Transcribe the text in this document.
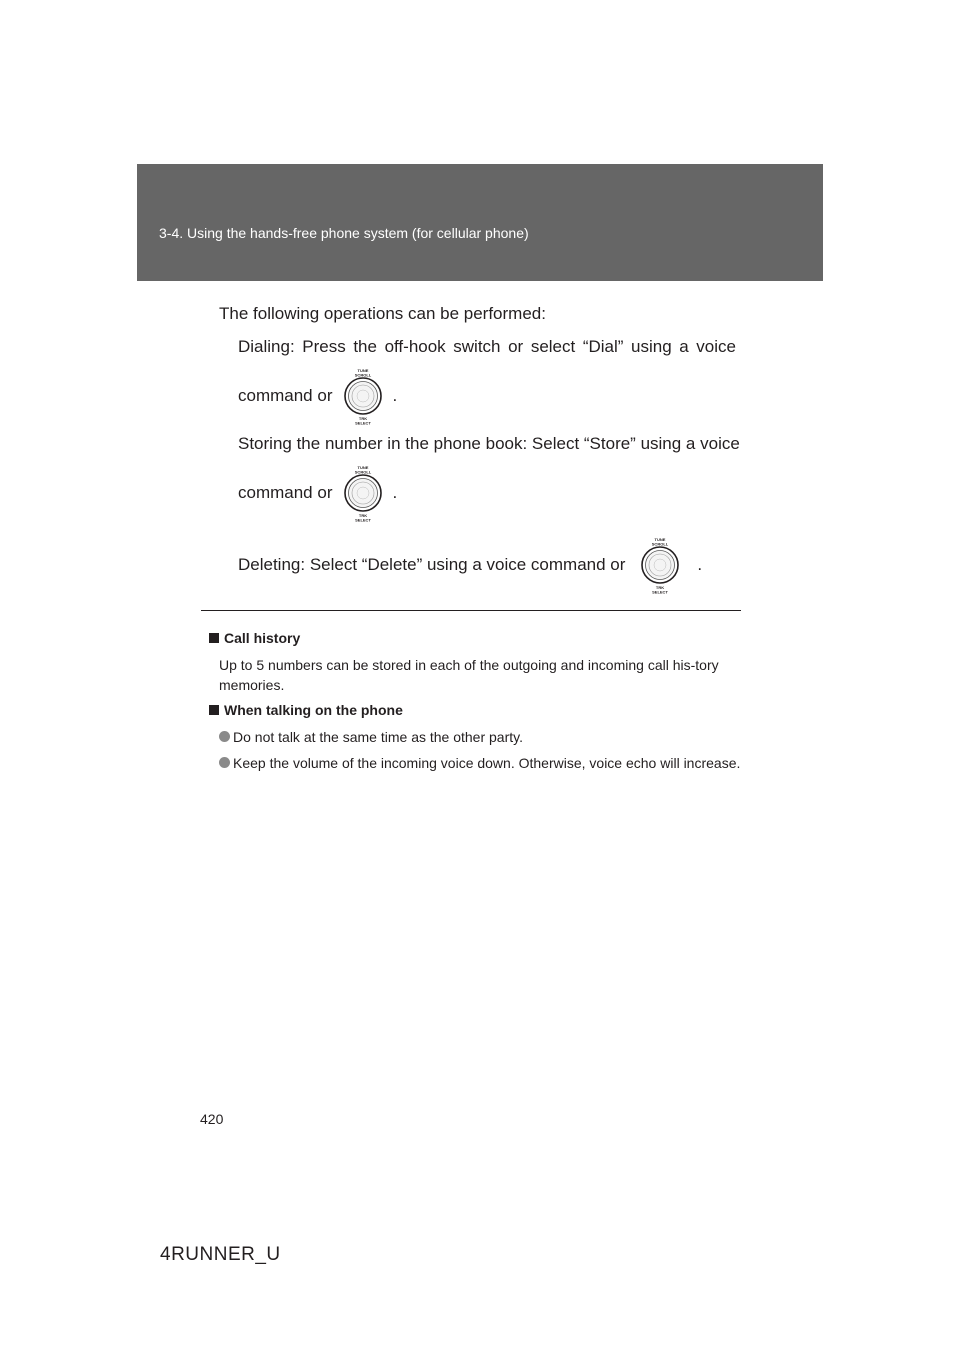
3-4. Using the hands-free phone system (for cellular phone)
The following operations can be performed:
Dialing: Press the off-hook switch or select “Dial” using a voice
command or	.
Storing the number in the phone book: Select “Store” using a voice
command or	.
Deleting: Select “Delete” using a voice command or	.
Call history
Up to 5 numbers can be stored in each of the outgoing and incoming call his-tory memories.
When talking on the phone
Do not talk at the same time as the other party.
Keep the volume of the incoming voice down. Otherwise, voice echo will increase.
420
4RUNNER_U
